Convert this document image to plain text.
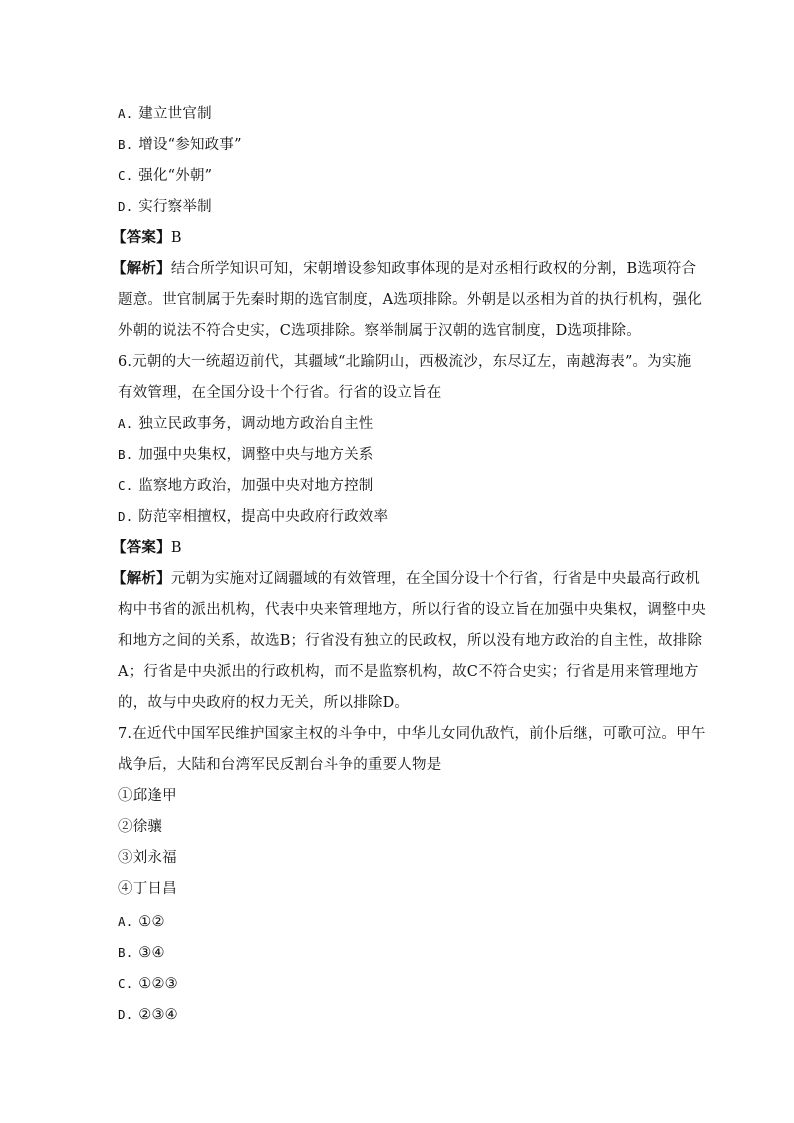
A. 建立世官制
B. 增设“参知政事”
C. 强化“外朝”
D. 实行察举制
【答案】B
【解析】结合所学知识可知，宋朝增设参知政事体现的是对丞相行政权的分割，B选项符合
题意。世官制属于先秦时期的选官制度，A选项排除。外朝是以丞相为首的执行机构，强化
外朝的说法不符合史实，C选项排除。察举制属于汉朝的选官制度，D选项排除。
6.元朝的大一统超迈前代，其疆域“北踰阴山，西极流沙，东尽辽左，南越海表”。为实施
有效管理，在全国分设十个行省。行省的设立旨在
A. 独立民政事务，调动地方政治自主性
B. 加强中央集权，调整中央与地方关系
C. 监察地方政治，加强中央对地方控制
D. 防范宰相擅权，提高中央政府行政效率
【答案】B
【解析】元朝为实施对辽阔疆域的有效管理，在全国分设十个行省，行省是中央最高行政机
构中书省的派出机构，代表中央来管理地方，所以行省的设立旨在加强中央集权，调整中央
和地方之间的关系，故选B；行省没有独立的民政权，所以没有地方政治的自主性，故排除
A；行省是中央派出的行政机构，而不是监察机构，故C不符合史实；行省是用来管理地方
的，故与中央政府的权力无关，所以排除D。
7.在近代中国军民维护国家主权的斗争中，中华儿女同仇敌忾，前仆后继，可歌可泣。甲午
战争后，大陆和台湾军民反割台斗争的重要人物是
①邱逢甲
②徐骧
③刘永福
④丁日昌
A. ①②
B. ③④
C. ①②③
D. ②③④
